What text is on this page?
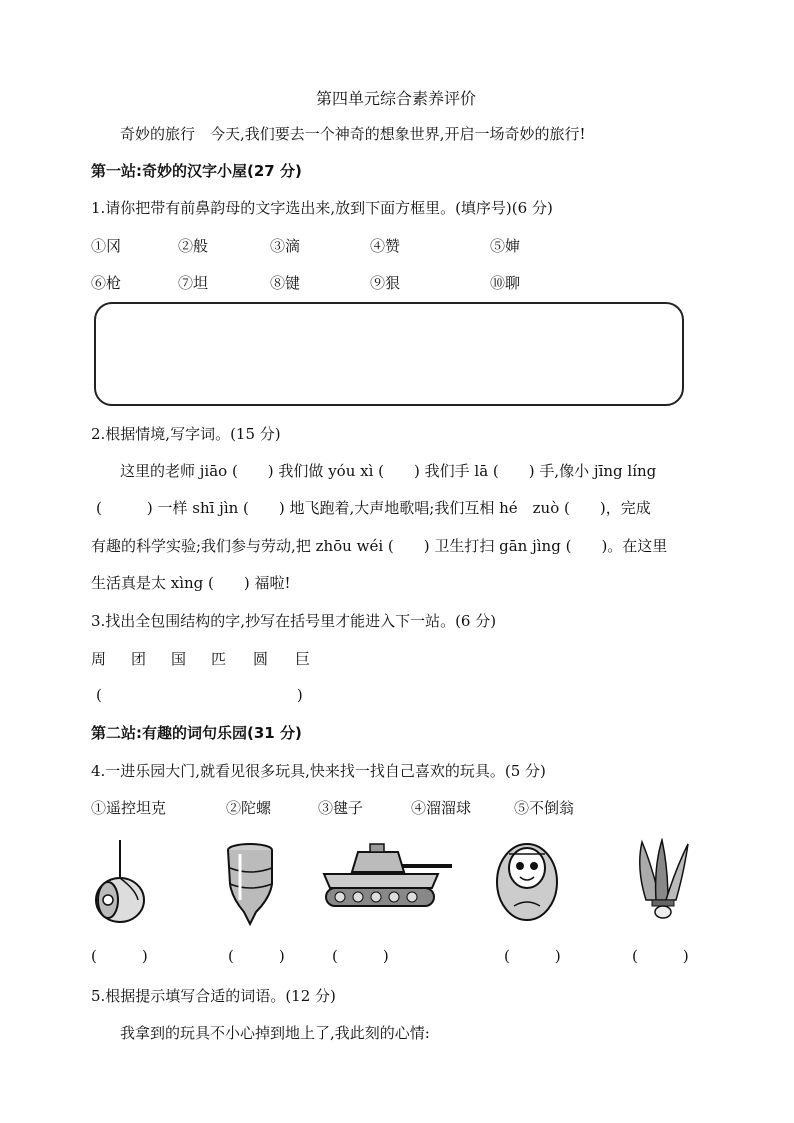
第四单元综合素养评价
奇妙的旅行　今天,我们要去一个神奇的想象世界,开启一场奇妙的旅行!
第一站:奇妙的汉字小屋(27 分)
1.请你把带有前鼻韵母的文字选出来,放到下面方框里。(填序号)(6 分)
①冈	②般	③滴	④赞	⑤婶
⑥枪	⑦坦	⑧键	⑨狠	⑩聊
2.根据情境,写字词。(15 分)
这里的老师 jiāo (　　) 我们做 yóu xì (　　) 我们手 lā (　　) 手,像小 jīng líng
(　　　) 一样 shī jìn (　　) 地飞跑着,大声地歌唱;我们互相 hé　zuò (　　)，完成
有趣的科学实验;我们参与劳动,把 zhōu wéi (　　) 卫生打扫 gān jìng (　　)。在这里
生活真是太 xìng (　　) 福啦!
3.找出全包围结构的字,抄写在括号里才能进入下一站。(6 分)
周 团 国 匹 圆 巨
(　　　　　　　　　　　　　)
第二站:有趣的词句乐园(31 分)
4.一进乐园大门,就看见很多玩具,快来找一找自己喜欢的玩具。(5 分)
①遥控坦克	②陀螺	③毽子	④溜溜球	⑤不倒翁
(　　　)	(　　　)	(　　　)	(　　　)	(　　　)
5.根据提示填写合适的词语。(12 分)
我拿到的玩具不小心掉到地上了,我此刻的心情:
